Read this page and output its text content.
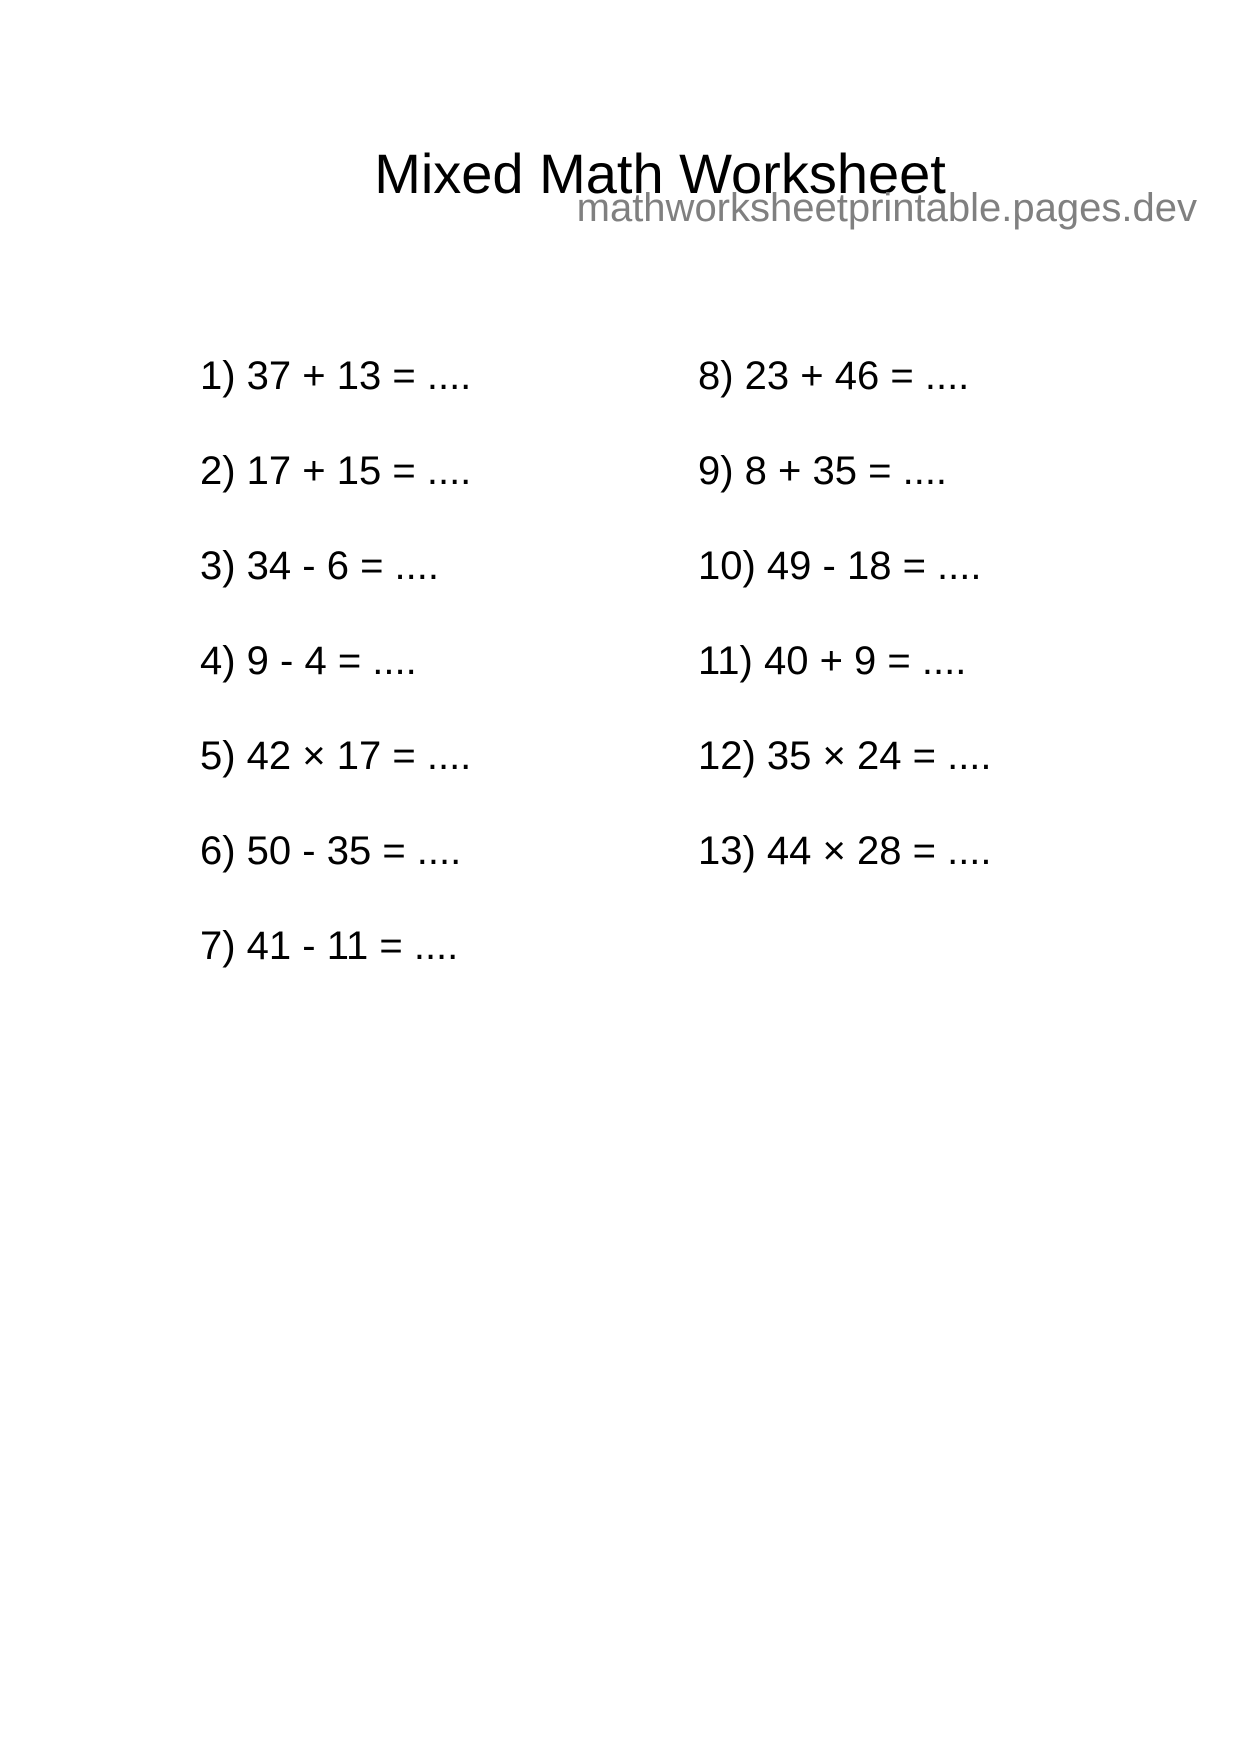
Mixed Math Worksheet
mathworksheetprintable.pages.dev
1) 37 + 13 = ....
2) 17 + 15 = ....
3) 34 - 6 = ....
4) 9 - 4 = ....
5) 42 × 17 = ....
6) 50 - 35 = ....
7) 41 - 11 = ....
8) 23 + 46 = ....
9) 8 + 35 = ....
10) 49 - 18 = ....
11) 40 + 9 = ....
12) 35 × 24 = ....
13) 44 × 28 = ....
